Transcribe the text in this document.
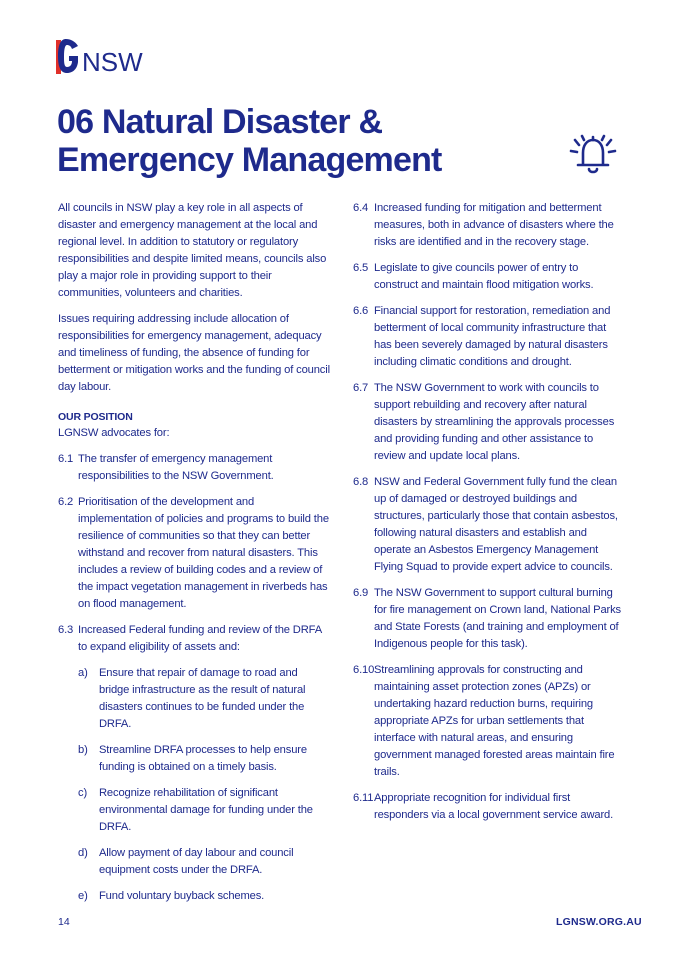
NSW
06 Natural Disaster &
Emergency Management

All councils in NSW play a key role in all aspects of disaster and emergency management at the local and regional level. In addition to statutory or regulatory responsibilities and despite limited means, councils also play a major role in providing support to their communities, volunteers and charities.

Issues requiring addressing include allocation of responsibilities for emergency management, adequacy and timeliness of funding, the absence of funding for betterment or mitigation works and the funding of council day labour.

OUR POSITION

LGNSW advocates for:

6.1 The transfer of emergency management responsibilities to the NSW Government.
6.2 Prioritisation of the development and implementation of policies and programs to build the resilience of communities so that they can better withstand and recover from natural disasters. This includes a review of building codes and a review of the impact vegetation management in riverbeds has on flood management.
6.3 Increased Federal funding and review of the DRFA to expand eligibility of assets and:
a) Ensure that repair of damage to road and bridge infrastructure as the result of natural disasters continues to be funded under the DRFA.
b) Streamline DRFA processes to help ensure funding is obtained on a timely basis.
c) Recognize rehabilitation of significant environmental damage for funding under the DRFA.
d) Allow payment of day labour and council equipment costs under the DRFA.
e) Fund voluntary buyback schemes.
6.4 Increased funding for mitigation and betterment measures, both in advance of disasters where the risks are identified and in the recovery stage.
6.5 Legislate to give councils power of entry to construct and maintain flood mitigation works.
6.6 Financial support for restoration, remediation and betterment of local community infrastructure that has been severely damaged by natural disasters including climatic conditions and drought.
6.7 The NSW Government to work with councils to support rebuilding and recovery after natural disasters by streamlining the approvals processes and providing funding and other assistance to review and update local plans.
6.8 NSW and Federal Government fully fund the clean up of damaged or destroyed buildings and structures, particularly those that contain asbestos, following natural disasters and establish and operate an Asbestos Emergency Management Flying Squad to provide expert advice to councils.
6.9 The NSW Government to support cultural burning for fire management on Crown land, National Parks and State Forests (and training and employment of Indigenous people for this task).
6.10 Streamlining approvals for constructing and maintaining asset protection zones (APZs) or undertaking hazard reduction burns, requiring appropriate APZs for urban settlements that interface with natural areas, and ensuring government managed forested areas maintain fire trails.
6.11 Appropriate recognition for individual first responders via a local government service award.
14	LGNSW.ORG.AU
